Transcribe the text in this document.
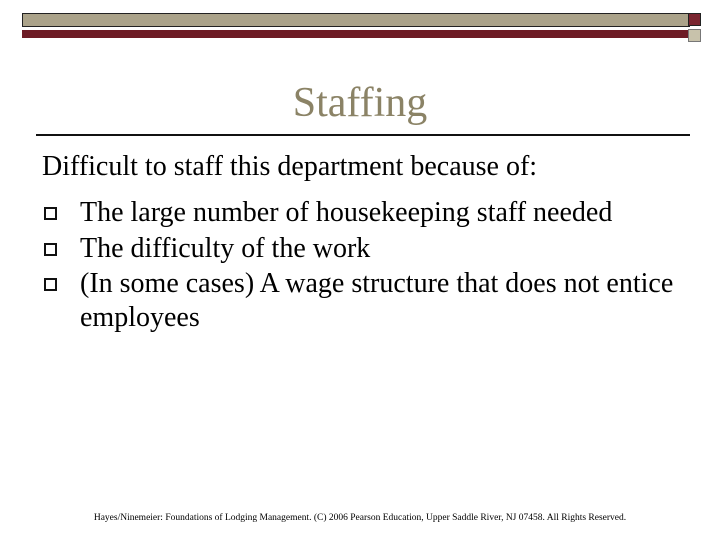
Staffing
Difficult to staff this department because of:
The large number of housekeeping staff needed
The difficulty of the work
(In some cases) A wage structure that does not entice employees
Hayes/Ninemeier: Foundations of Lodging Management. (C) 2006 Pearson Education, Upper Saddle River, NJ 07458. All Rights Reserved.
